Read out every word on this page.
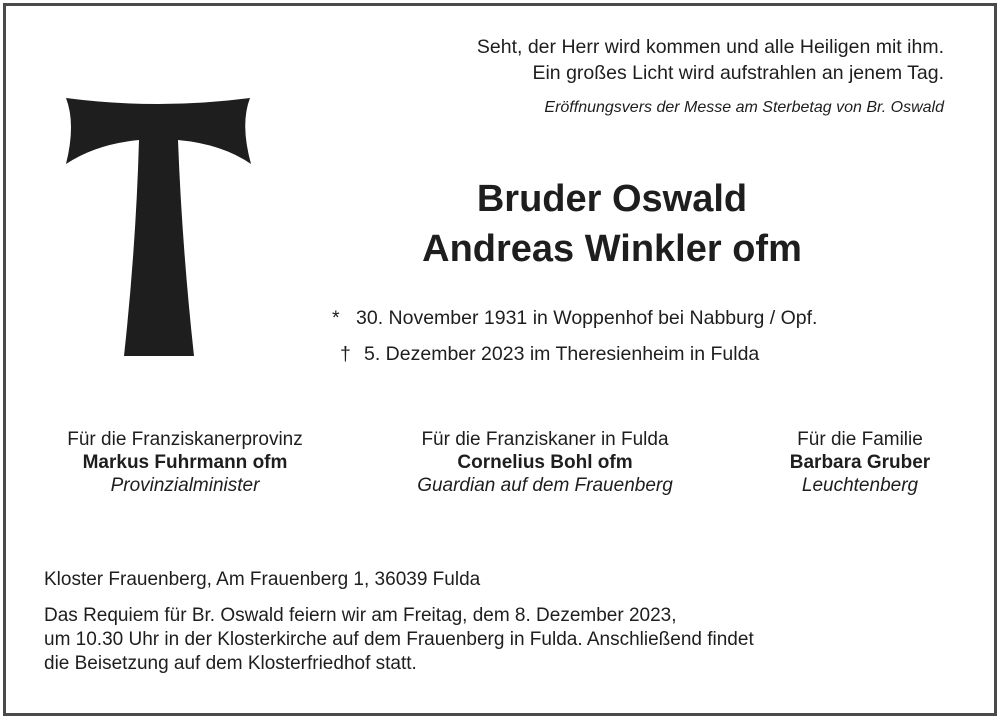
Seht, der Herr wird kommen und alle Heiligen mit ihm.
Ein großes Licht wird aufstrahlen an jenem Tag.
Eröffnungsvers der Messe am Sterbetag von Br. Oswald
Bruder Oswald
Andreas Winkler ofm
* 30. November 1931 in Woppenhof bei Nabburg / Opf.
† 5. Dezember 2023 im Theresienheim in Fulda
Für die Franziskanerprovinz
Markus Fuhrmann ofm
Provinzialminister
Für die Franziskaner in Fulda
Cornelius Bohl ofm
Guardian auf dem Frauenberg
Für die Familie
Barbara Gruber
Leuchtenberg
Kloster Frauenberg, Am Frauenberg 1, 36039 Fulda
Das Requiem für Br. Oswald feiern wir am Freitag, dem 8. Dezember 2023,
um 10.30 Uhr in der Klosterkirche auf dem Frauenberg in Fulda. Anschließend findet
die Beisetzung auf dem Klosterfriedhof statt.
